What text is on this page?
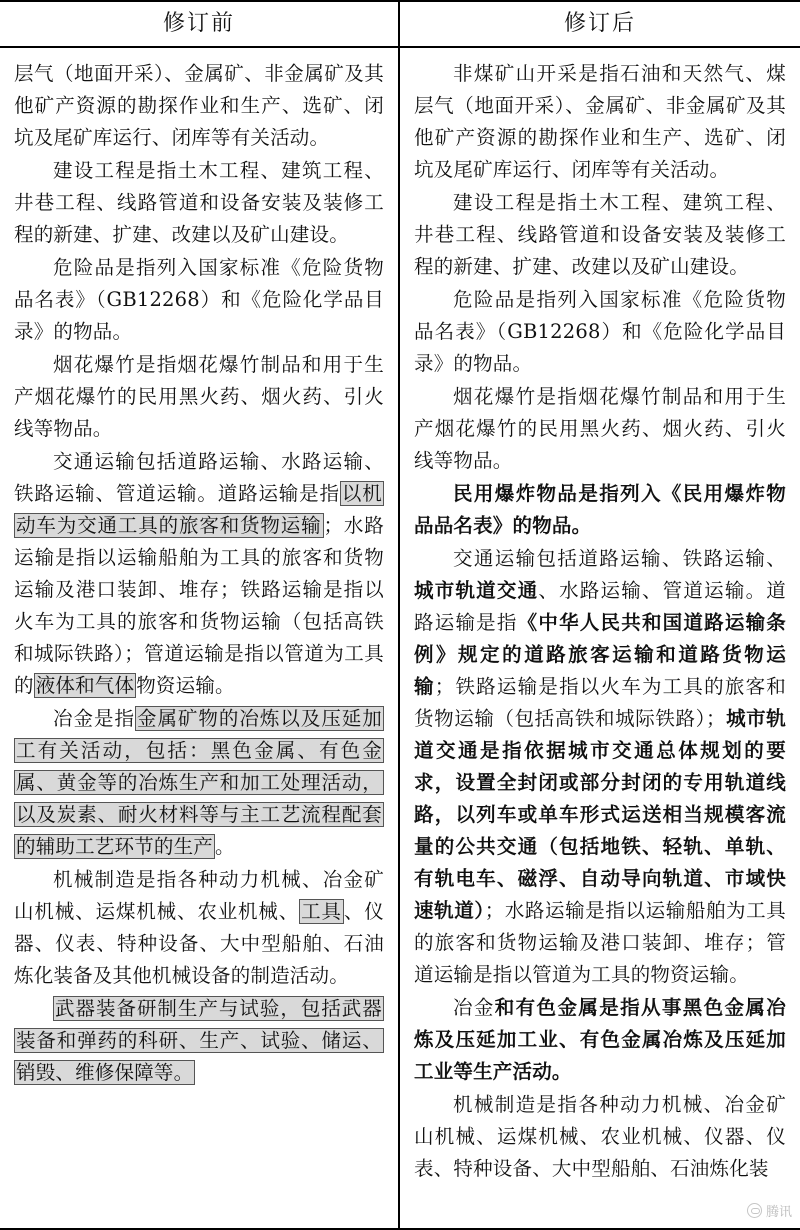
修订前	修订后

层气（地面开采）、金属矿、非金属矿及其他矿产资源的勘探作业和生产、选矿、闭坑及尾矿库运行、闭库等有关活动。

建设工程是指土木工程、建筑工程、井巷工程、线路管道和设备安装及装修工程的新建、扩建、改建以及矿山建设。

危险品是指列入国家标准《危险货物品名表》（GB12268）和《危险化学品目录》的物品。

烟花爆竹是指烟花爆竹制品和用于生产烟花爆竹的民用黑火药、烟火药、引火线等物品。

交通运输包括道路运输、水路运输、铁路运输、管道运输。道路运输是指 以机动车为交通工具的旅客和货物运输 ；水路运输是指以运输船舶为工具的旅客和货物运输及港口装卸、堆存；铁路运输是指以火车为工具的旅客和货物运输（包括高铁和城际铁路）；管道运输是指以管道为工具的 液体和气体 物资运输。

冶金是指 金属矿物的冶炼以及压延加工有关活动，包括：黑色金属、有色金属、黄金等的冶炼生产和加工处理活动，以及炭素、耐火材料等与主工艺流程配套的辅助工艺环节的生产 。

机械制造是指各种动力机械、冶金矿山机械、运煤机械、农业机械、 工具 、仪器、仪表、特种设备、大中型船舶、石油炼化装备及其他机械设备的制造活动。

武器装备研制生产与试验，包括武器装备和弹药的科研、生产、试验、储运、销毁、维修保障等。

非煤矿山开采是指石油和天然气、煤层气（地面开采）、金属矿、非金属矿及其他矿产资源的勘探作业和生产、选矿、闭坑及尾矿库运行、闭库等有关活动。

建设工程是指土木工程、建筑工程、井巷工程、线路管道和设备安装及装修工程的新建、扩建、改建以及矿山建设。

危险品是指列入国家标准《危险货物品名表》（GB12268）和《危险化学品目录》的物品。

烟花爆竹是指烟花爆竹制品和用于生产烟花爆竹的民用黑火药、烟火药、引火线等物品。

民用爆炸物品是指列入《民用爆炸物品品名表》的物品。

交通运输包括道路运输、铁路运输、城市轨道交通、水路运输、管道运输。道路运输是指《中华人民共和国道路运输条例》规定的道路旅客运输和道路货物运输；铁路运输是指以火车为工具的旅客和货物运输（包括高铁和城际铁路）；城市轨道交通是指依据城市交通总体规划的要求，设置全封闭或部分封闭的专用轨道线路，以列车或单车形式运送相当规模客流量的公共交通（包括地铁、轻轨、单轨、有轨电车、磁浮、自动导向轨道、市域快速轨道）；水路运输是指以运输船舶为工具的旅客和货物运输及港口装卸、堆存；管道运输是指以管道为工具的物资运输。

冶金和有色金属是指从事黑色金属冶炼及压延加工业、有色金属冶炼及压延加工业等生产活动。

机械制造是指各种动力机械、冶金矿山机械、运煤机械、农业机械、仪器、仪表、特种设备、大中型船舶、石油炼化装

腾讯
